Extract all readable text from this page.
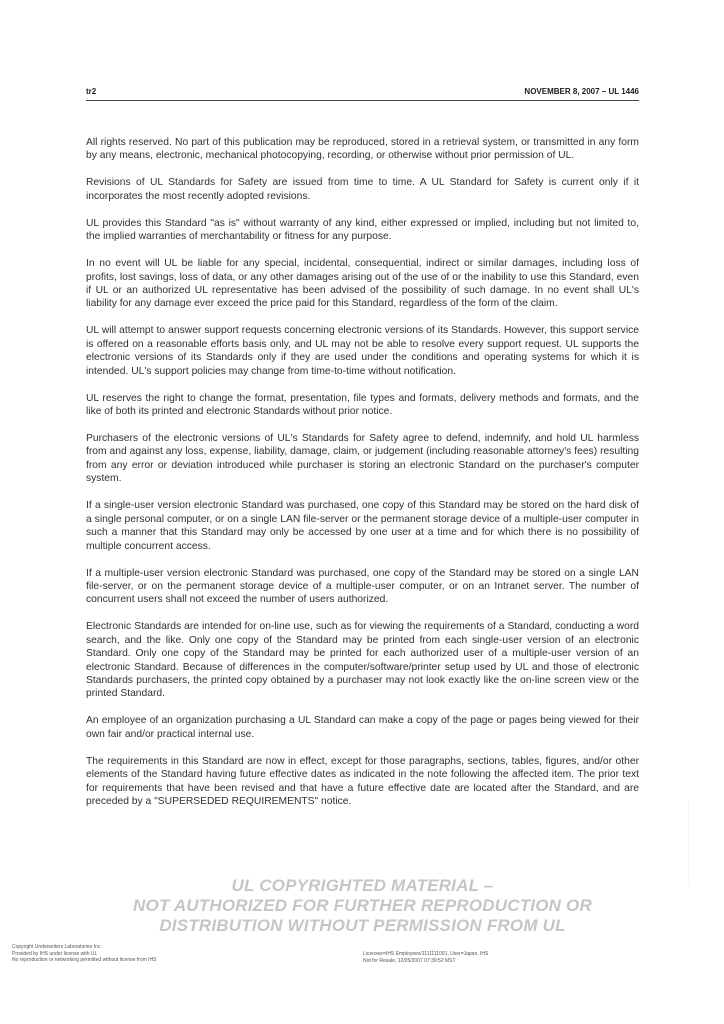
tr2	NOVEMBER 8, 2007 – UL 1446

All rights reserved. No part of this publication may be reproduced, stored in a retrieval system, or transmitted in any form by any means, electronic, mechanical photocopying, recording, or otherwise without prior permission of UL.

Revisions of UL Standards for Safety are issued from time to time. A UL Standard for Safety is current only if it incorporates the most recently adopted revisions.

UL provides this Standard "as is" without warranty of any kind, either expressed or implied, including but not limited to, the implied warranties of merchantability or fitness for any purpose.

In no event will UL be liable for any special, incidental, consequential, indirect or similar damages, including loss of profits, lost savings, loss of data, or any other damages arising out of the use of or the inability to use this Standard, even if UL or an authorized UL representative has been advised of the possibility of such damage. In no event shall UL's liability for any damage ever exceed the price paid for this Standard, regardless of the form of the claim.

UL will attempt to answer support requests concerning electronic versions of its Standards. However, this support service is offered on a reasonable efforts basis only, and UL may not be able to resolve every support request. UL supports the electronic versions of its Standards only if they are used under the conditions and operating systems for which it is intended. UL's support policies may change from time-to-time without notification.

UL reserves the right to change the format, presentation, file types and formats, delivery methods and formats, and the like of both its printed and electronic Standards without prior notice.

Purchasers of the electronic versions of UL's Standards for Safety agree to defend, indemnify, and hold UL harmless from and against any loss, expense, liability, damage, claim, or judgement (including reasonable attorney's fees) resulting from any error or deviation introduced while purchaser is storing an electronic Standard on the purchaser's computer system.

If a single-user version electronic Standard was purchased, one copy of this Standard may be stored on the hard disk of a single personal computer, or on a single LAN file-server or the permanent storage device of a multiple-user computer in such a manner that this Standard may only be accessed by one user at a time and for which there is no possibility of multiple concurrent access.

If a multiple-user version electronic Standard was purchased, one copy of the Standard may be stored on a single LAN file-server, or on the permanent storage device of a multiple-user computer, or on an Intranet server. The number of concurrent users shall not exceed the number of users authorized.

Electronic Standards are intended for on-line use, such as for viewing the requirements of a Standard, conducting a word search, and the like. Only one copy of the Standard may be printed from each single-user version of an electronic Standard. Only one copy of the Standard may be printed for each authorized user of a multiple-user version of an electronic Standard. Because of differences in the computer/software/printer setup used by UL and those of electronic Standards purchasers, the printed copy obtained by a purchaser may not look exactly like the on-line screen view or the printed Standard.

An employee of an organization purchasing a UL Standard can make a copy of the page or pages being viewed for their own fair and/or practical internal use.

The requirements in this Standard are now in effect, except for those paragraphs, sections, tables, figures, and/or other elements of the Standard having future effective dates as indicated in the note following the affected item. The prior text for requirements that have been revised and that have a future effective date are located after the Standard, and are preceded by a "SUPERSEDED REQUIREMENTS" notice.

UL COPYRIGHTED MATERIAL –
NOT AUTHORIZED FOR FURTHER REPRODUCTION OR
DISTRIBUTION WITHOUT PERMISSION FROM UL
Copyright Underwriters Laboratories Inc.
Provided by IHS under license with UL
No reproduction or networking permitted without license from IHS
Licensee=IHS Employees/1111111001, User=Japan, IHS
Not for Resale, 12/05/2007 07:39:52 MST
